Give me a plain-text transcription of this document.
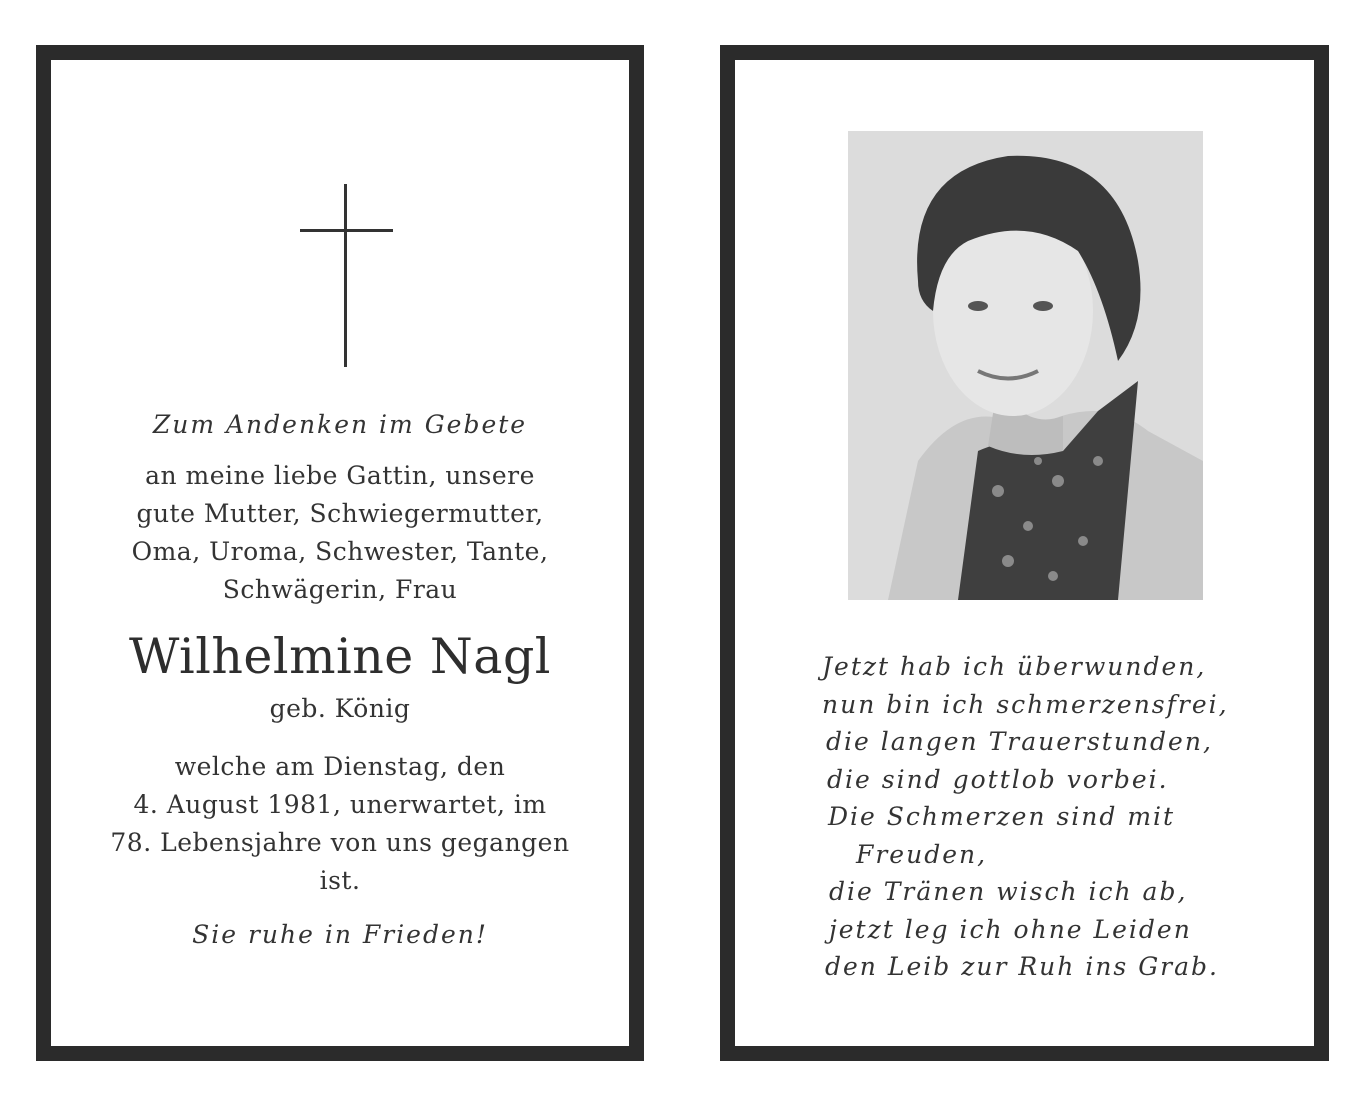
Zum Andenken im Gebete
an meine liebe Gattin, unsere
gute Mutter, Schwiegermutter,
Oma, Uroma, Schwester, Tante,
Schwägerin, Frau
Wilhelmine Nagl
geb. König
welche am Dienstag, den
4. August 1981, unerwartet, im
78. Lebensjahre von uns gegangen
ist.
Sie ruhe in Frieden!
Jetzt hab ich überwunden,
nun bin ich schmerzensfrei,
die langen Trauerstunden,
die sind gottlob vorbei.
Die Schmerzen sind mit
Freuden,
die Tränen wisch ich ab,
jetzt leg ich ohne Leiden
den Leib zur Ruh ins Grab.
